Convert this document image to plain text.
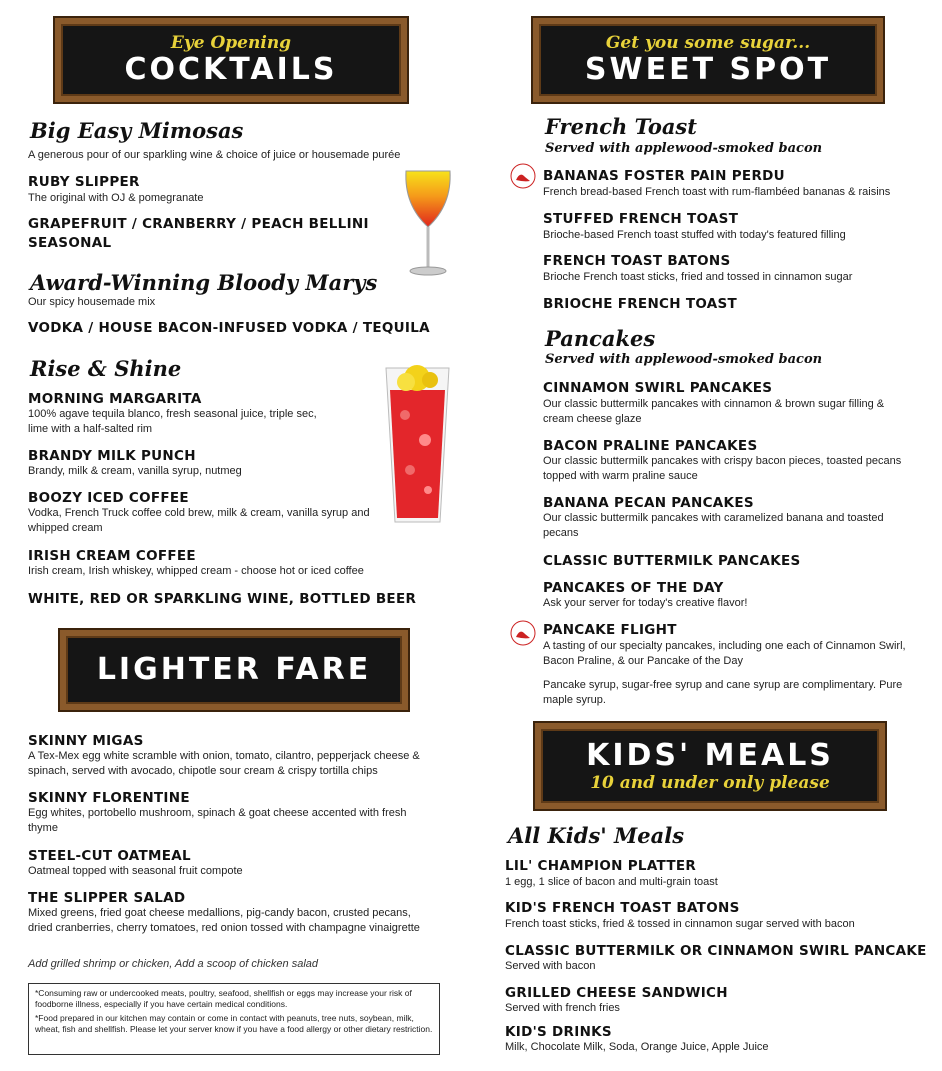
Eye Opening
COCKTAILS
Big Easy Mimosas
A generous pour of our sparkling wine & choice of juice or housemade purée
RUBY SLIPPER
The original with OJ & pomegranate
GRAPEFRUIT / CRANBERRY / PEACH BELLINI
SEASONAL
Award-Winning Bloody Marys
Our spicy housemade mix
VODKA / HOUSE BACON-INFUSED VODKA / TEQUILA
Rise & Shine
MORNING MARGARITA
100% agave tequila blanco, fresh seasonal juice, triple sec, lime with a half-salted rim
BRANDY MILK PUNCH
Brandy, milk & cream, vanilla syrup, nutmeg
BOOZY ICED COFFEE
Vodka, French Truck coffee cold brew, milk & cream, vanilla syrup and whipped cream
IRISH CREAM COFFEE
Irish cream, Irish whiskey, whipped cream - choose hot or iced coffee
WHITE, RED OR SPARKLING WINE, BOTTLED BEER
LIGHTER FARE
SKINNY MIGAS
A Tex-Mex egg white scramble with onion, tomato, cilantro, pepperjack cheese & spinach, served with avocado, chipotle sour cream & crispy tortilla chips
SKINNY FLORENTINE
Egg whites, portobello mushroom, spinach & goat cheese accented with fresh thyme
STEEL-CUT OATMEAL
Oatmeal topped with seasonal fruit compote
THE SLIPPER SALAD
Mixed greens, fried goat cheese medallions, pig-candy bacon, crusted pecans, dried cranberries, cherry tomatoes, red onion tossed with champagne vinaigrette
Add grilled shrimp or chicken, Add a scoop of chicken salad

*Consuming raw or undercooked meats, poultry, seafood, shellfish or eggs may increase your risk of foodborne illness, especially if you have certain medical conditions.

*Food prepared in our kitchen may contain or come in contact with peanuts, tree nuts, soybean, milk, wheat, fish and shellfish. Please let your server know if you have a food allergy or other dietary restriction.

Get you some sugar...
SWEET SPOT
French Toast
Served with applewood-smoked bacon
BANANAS FOSTER PAIN PERDU
French bread-based French toast with rum-flambéed bananas & raisins
STUFFED FRENCH TOAST
Brioche-based French toast stuffed with today's featured filling
FRENCH TOAST BATONS
Brioche French toast sticks, fried and tossed in cinnamon sugar
BRIOCHE FRENCH TOAST
Pancakes
Served with applewood-smoked bacon
CINNAMON SWIRL PANCAKES
Our classic buttermilk pancakes with cinnamon & brown sugar filling & cream cheese glaze
BACON PRALINE PANCAKES
Our classic buttermilk pancakes with crispy bacon pieces, toasted pecans topped with warm praline sauce
BANANA PECAN PANCAKES
Our classic buttermilk pancakes with caramelized banana and toasted pecans
CLASSIC BUTTERMILK PANCAKES
PANCAKES OF THE DAY
Ask your server for today's creative flavor!
PANCAKE FLIGHT
A tasting of our specialty pancakes, including one each of Cinnamon Swirl, Bacon Praline, & our Pancake of the Day
Pancake syrup, sugar-free syrup and cane syrup are complimentary. Pure maple syrup.
KIDS' MEALS
10 and under only please
All Kids' Meals
LIL' CHAMPION PLATTER
1 egg, 1 slice of bacon and multi-grain toast
KID'S FRENCH TOAST BATONS
French toast sticks, fried & tossed in cinnamon sugar served with bacon
CLASSIC BUTTERMILK OR CINNAMON SWIRL PANCAKE
Served with bacon
GRILLED CHEESE SANDWICH
Served with french fries
KID'S DRINKS
Milk, Chocolate Milk, Soda, Orange Juice, Apple Juice
